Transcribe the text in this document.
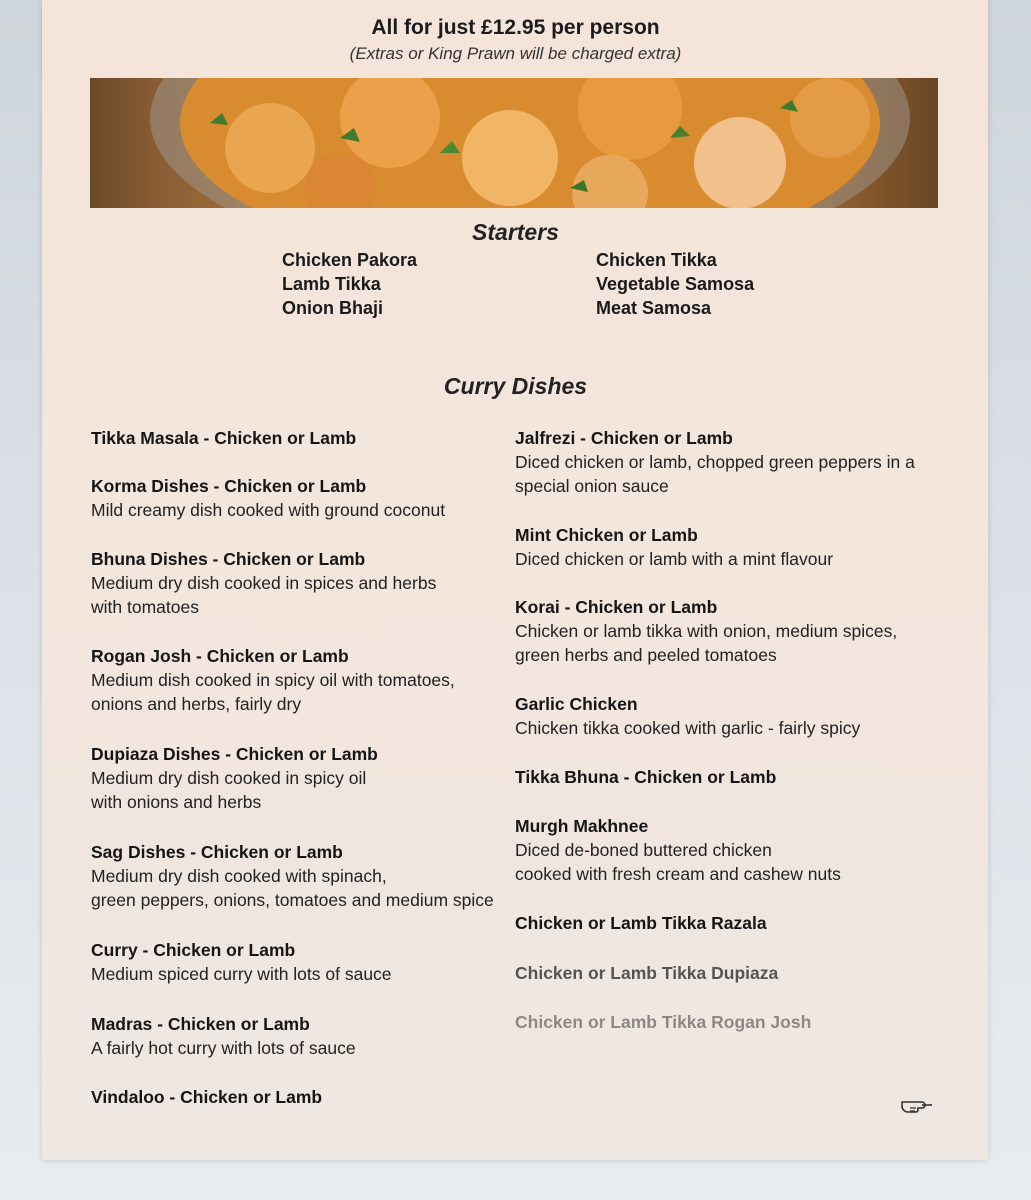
All for just £12.95 per person
(Extras or King Prawn will be charged extra)
Starters
Chicken Pakora
Lamb Tikka
Onion Bhaji
Chicken Tikka
Vegetable Samosa
Meat Samosa
Curry Dishes

Tikka Masala - Chicken or Lamb

Korma Dishes - Chicken or Lamb

Mild creamy dish cooked with ground coconut

Bhuna Dishes - Chicken or Lamb

Medium dry dish cooked in spices and herbs

with tomatoes

Rogan Josh - Chicken or Lamb

Medium dish cooked in spicy oil with tomatoes,

onions and herbs, fairly dry

Dupiaza Dishes - Chicken or Lamb

Medium dry dish cooked in spicy oil

with onions and herbs

Sag Dishes - Chicken or Lamb

Medium dry dish cooked with spinach,

green peppers, onions, tomatoes and medium spice

Curry - Chicken or Lamb

Medium spiced curry with lots of sauce

Madras - Chicken or Lamb

A fairly hot curry with lots of sauce

Vindaloo - Chicken or Lamb

Jalfrezi - Chicken or Lamb

Diced chicken or lamb, chopped green peppers in a

special onion sauce

Mint Chicken or Lamb

Diced chicken or lamb with a mint flavour

Korai - Chicken or Lamb

Chicken or lamb tikka with onion, medium spices,

green herbs and peeled tomatoes

Garlic Chicken

Chicken tikka cooked with garlic - fairly spicy

Tikka Bhuna - Chicken or Lamb

Murgh Makhnee

Diced de-boned buttered chicken

cooked with fresh cream and cashew nuts

Chicken or Lamb Tikka Razala

Chicken or Lamb Tikka Dupiaza

Chicken or Lamb Tikka Rogan Josh
